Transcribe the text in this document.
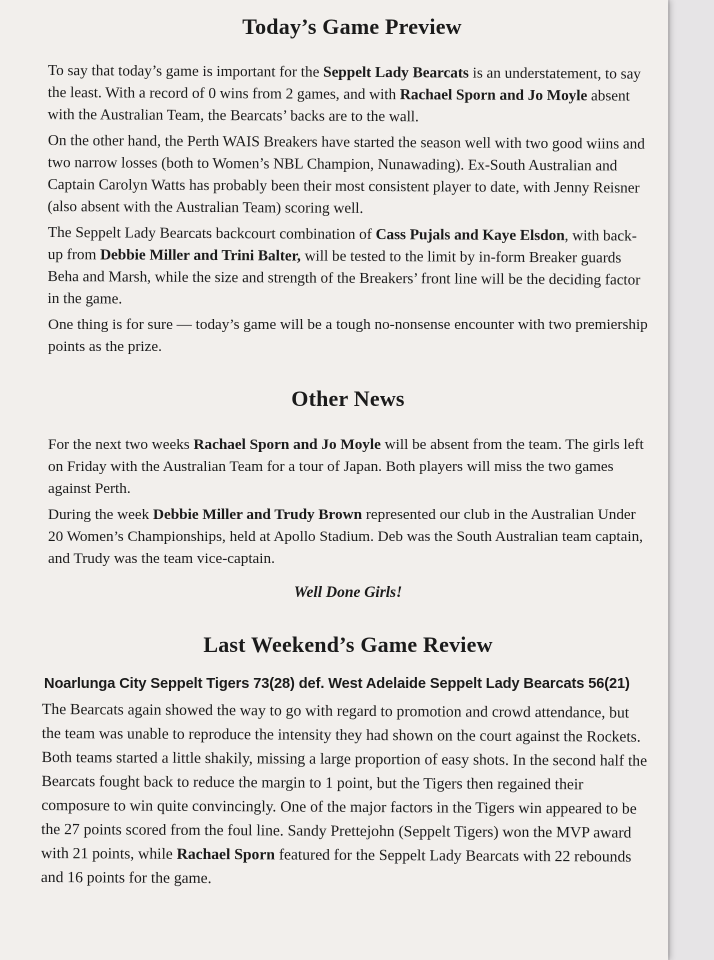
Today’s Game Preview

To say that today’s game is important for the Seppelt Lady Bearcats is an understatement, to say the least. With a record of 0 wins from 2 games, and with Rachael Sporn and Jo Moyle absent with the Australian Team, the Bearcats’ backs are to the wall.

On the other hand, the Perth WAIS Breakers have started the season well with two good wiins and two narrow losses (both to Women’s NBL Champion, Nunawading). Ex-South Australian and Captain Carolyn Watts has probably been their most consistent player to date, with Jenny Reisner (also absent with the Australian Team) scoring well.

The Seppelt Lady Bearcats backcourt combination of Cass Pujals and Kaye Elsdon, with back-up from Debbie Miller and Trini Balter, will be tested to the limit by in-form Breaker guards Beha and Marsh, while the size and strength of the Breakers’ front line will be the deciding factor in the game.

One thing is for sure — today’s game will be a tough no-nonsense encounter with two premiership points as the prize.

Other News

For the next two weeks Rachael Sporn and Jo Moyle will be absent from the team. The girls left on Friday with the Australian Team for a tour of Japan. Both players will miss the two games against Perth.

During the week Debbie Miller and Trudy Brown represented our club in the Australian Under 20 Women’s Championships, held at Apollo Stadium. Deb was the South Australian team captain, and Trudy was the team vice-captain.

Well Done Girls!
Last Weekend’s Game Review
Noarlunga City Seppelt Tigers 73(28) def. West Adelaide Seppelt Lady Bearcats 56(21)

The Bearcats again showed the way to go with regard to promotion and crowd attendance, but the team was unable to reproduce the intensity they had shown on the court against the Rockets. Both teams started a little shakily, missing a large proportion of easy shots. In the second half the Bearcats fought back to reduce the margin to 1 point, but the Tigers then regained their composure to win quite convincingly. One of the major factors in the Tigers win appeared to be the 27 points scored from the foul line. Sandy Prettejohn (Seppelt Tigers) won the MVP award with 21 points, while Rachael Sporn featured for the Seppelt Lady Bearcats with 22 rebounds and 16 points for the game.
